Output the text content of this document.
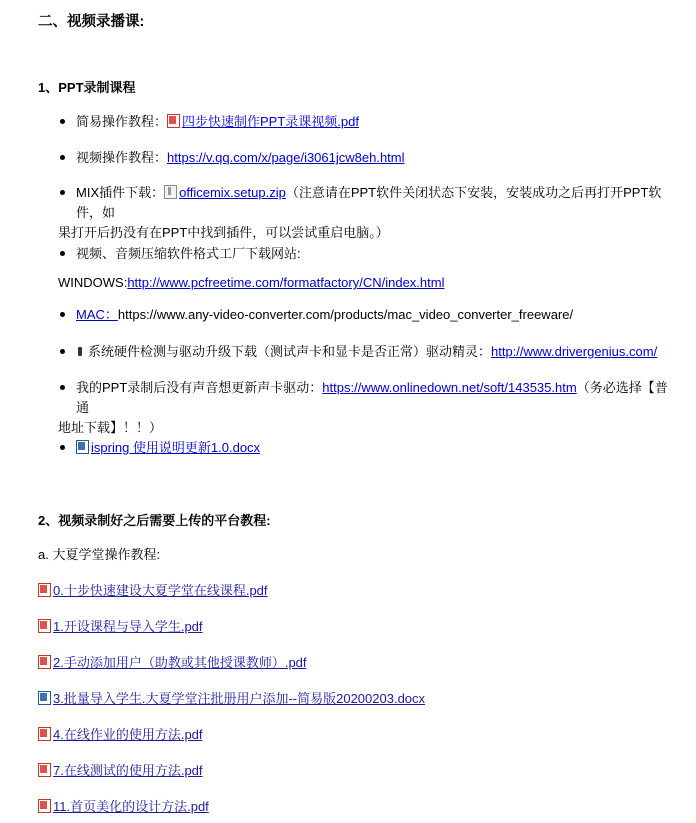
二、视频录播课:
1、PPT录制课程
简易操作教程： 四步快速制作PPT录课视频.pdf
视频操作教程：https://v.qq.com/x/page/i3061jcw8eh.html
MIX插件下载： officemix.setup.zip（注意请在PPT软件关闭状态下安装，安装成功之后再打开PPT软件，如
果打开后扔没有在PPT中找到插件，可以尝试重启电脑。）
视频、音频压缩软件格式工厂下载网站:
WINDOWS:http://www.pcfreetime.com/formatfactory/CN/index.html
MAC：https://www.any-video-converter.com/products/mac_video_converter_freeware/
系统硬件检测与驱动升级下载（测试声卡和显卡是否正常）驱动精灵：http://www.drivergenius.com/
我的PPT录制后没有声音想更新声卡驱动：https://www.onlinedown.net/soft/143535.htm（务必选择【普通
地址下载】！！）
ispring 使用说明更新1.0.docx
2、视频录制好之后需要上传的平台教程:
a. 大夏学堂操作教程:
0.十步快速建设大夏学堂在线课程.pdf
1.开设课程与导入学生.pdf
2.手动添加用户（助教或其他授课教师）.pdf
3.批量导入学生.大夏学堂注批册用户添加--简易版20200203.docx
4.在线作业的使用方法.pdf
7.在线测试的使用方法.pdf
11.首页美化的设计方法.pdf
